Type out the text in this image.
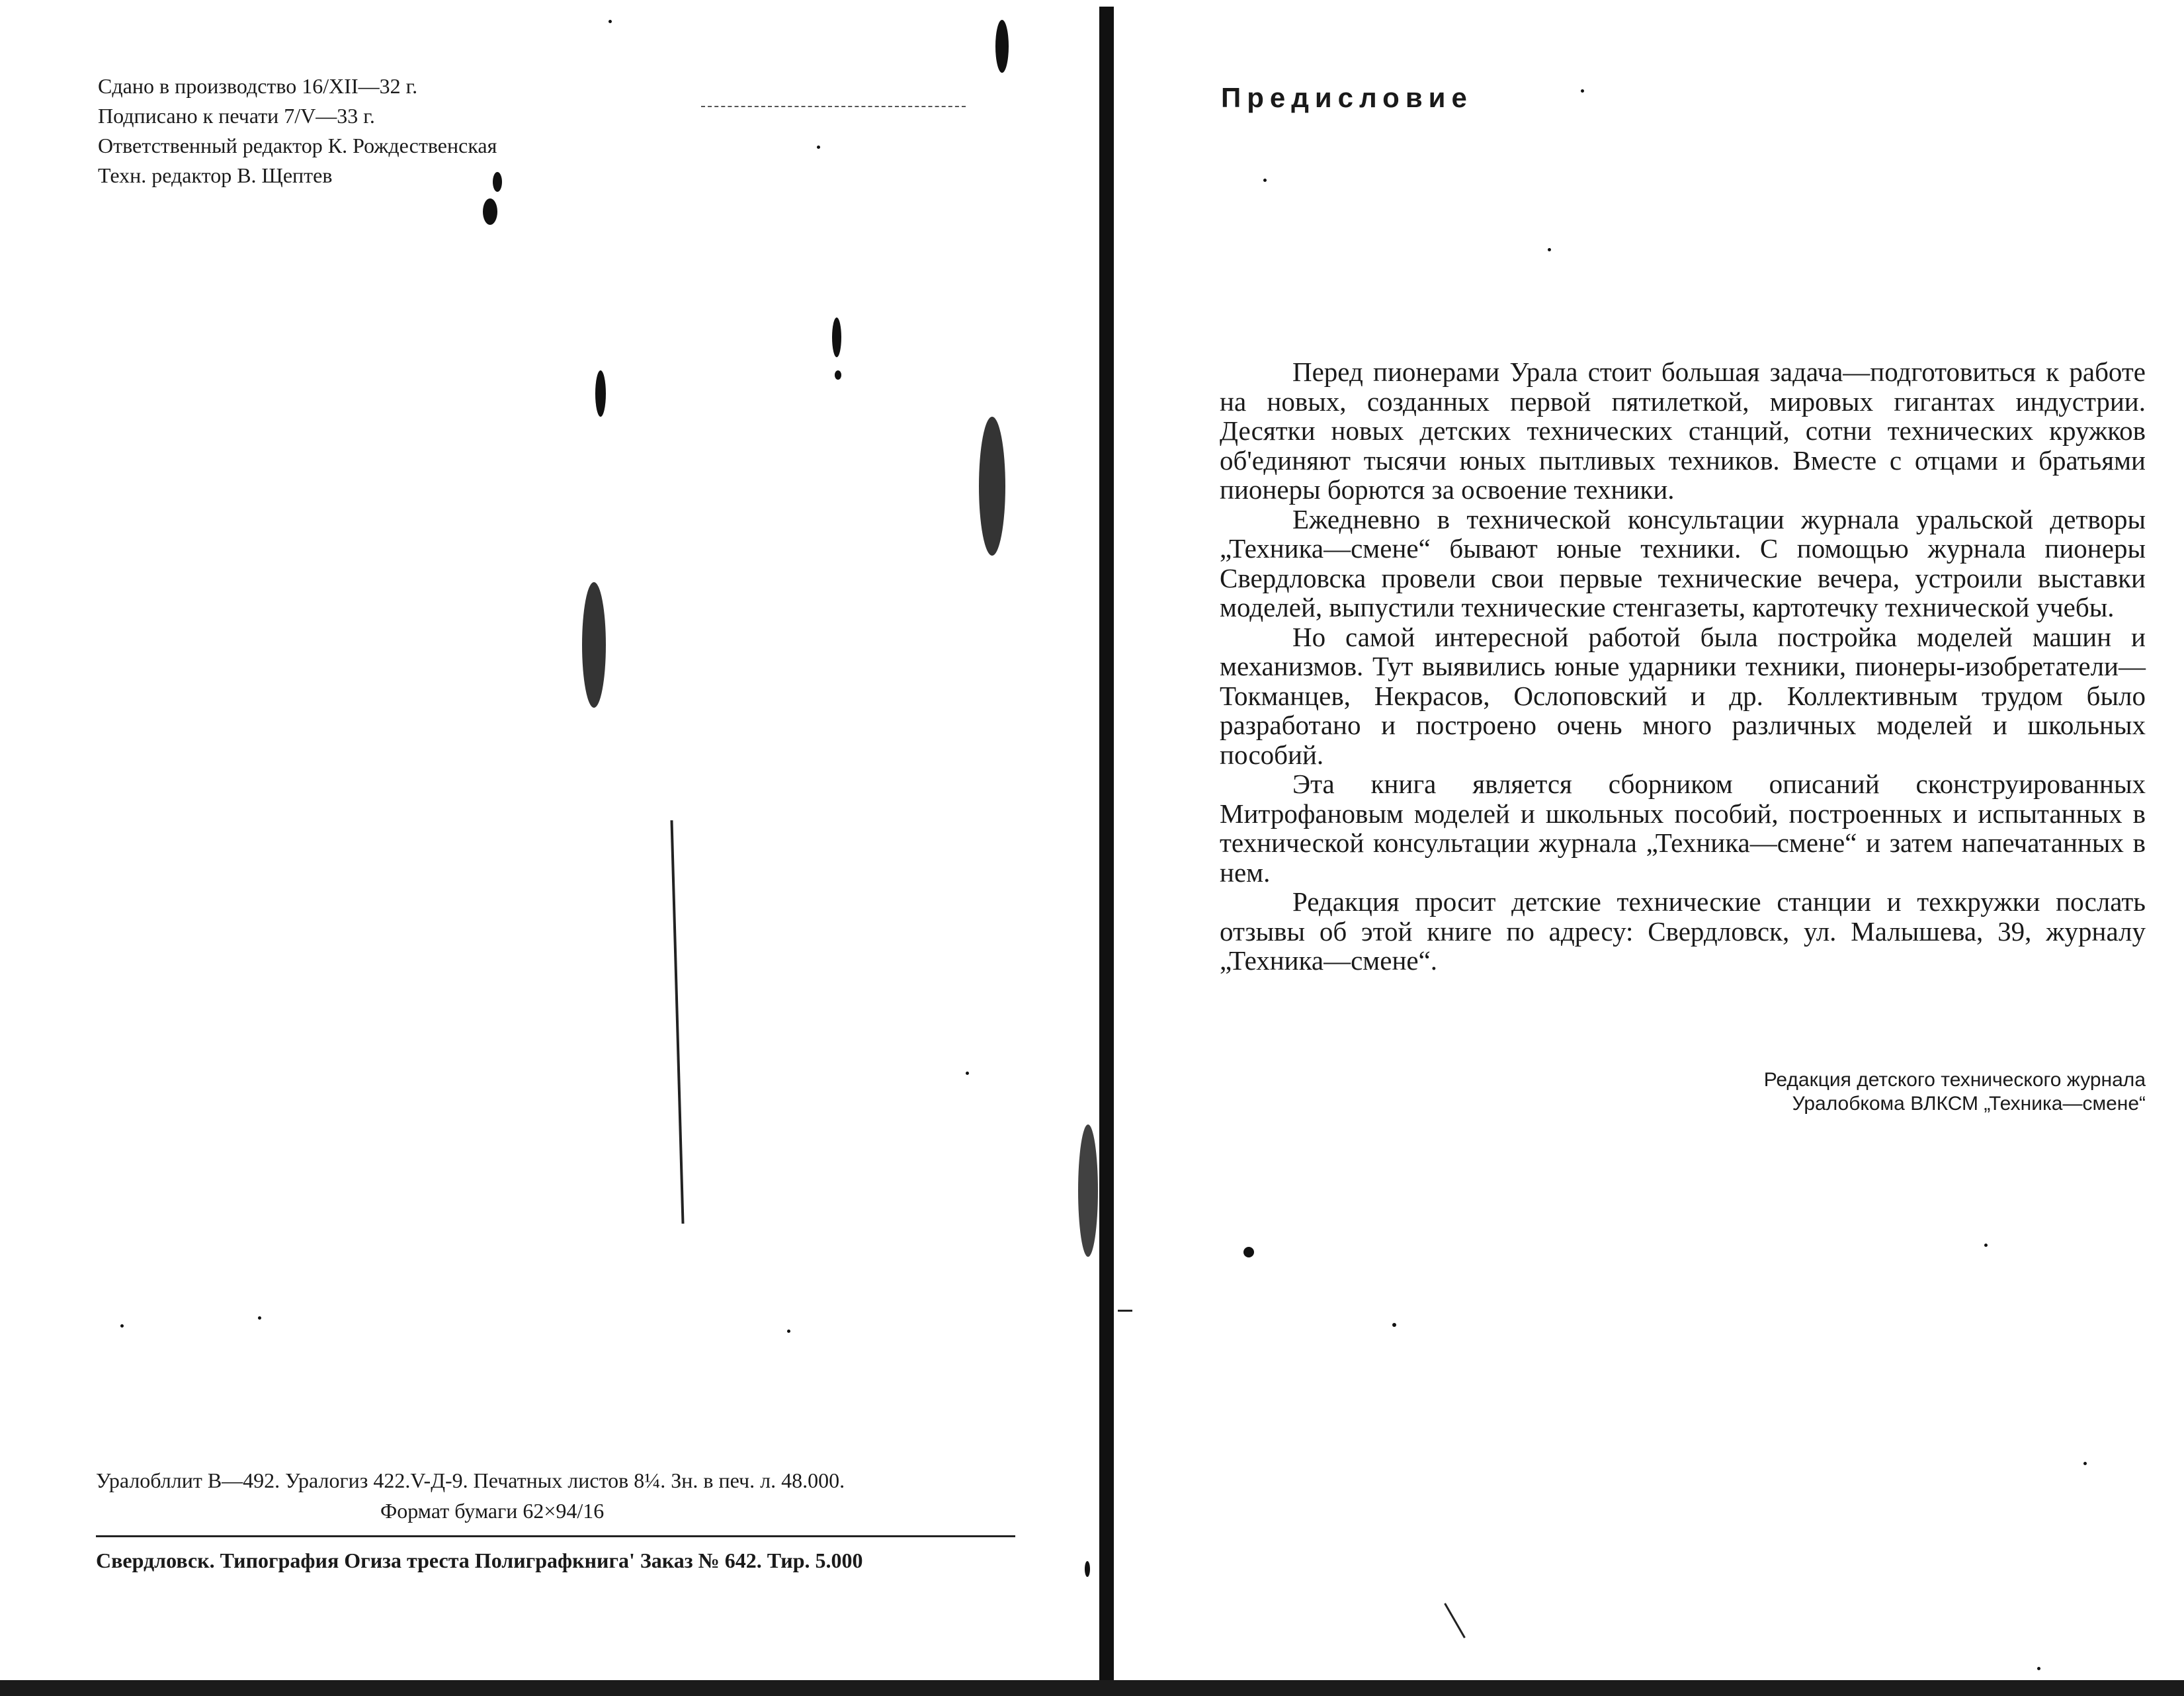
Сдано в производство 16/XII—32 г.
Подписано к печати 7/V—33 г.
Ответственный редактор К. Рождественская
Техн. редактор В. Щептев
Уралобллит В—492. Уралогиз 422.V-Д-9. Печатных листов 8¼. Зн. в печ. л. 48.000.
Формат бумаги 62×94/16
Свердловск. Типография Огиза треста Полиграфкнига' Заказ № 642. Тир. 5.000
Предисловие

Перед пионерами Урала стоит большая задача—подготовиться к работе на новых, созданных первой пятилеткой, мировых гигантах индустрии. Десятки новых детских технических станций, сотни технических кружков об'единяют тысячи юных пытливых техников. Вместе с отцами и братьями пионеры борются за освоение техники.

Ежедневно в технической консультации журнала уральской детворы „Техника—смене“ бывают юные техники. С помощью журнала пионеры Свердловска провели свои первые технические вечера, устроили выставки моделей, выпустили технические стенгазеты, картотечку технической учебы.

Но самой интересной работой была постройка моделей машин и механизмов. Тут выявились юные ударники техники, пионеры-изобретатели—Токманцев, Некрасов, Ослоповский и др. Коллективным трудом было разработано и построено очень много различных моделей и школьных пособий.

Эта книга является сборником описаний сконструированных Митрофановым моделей и школьных пособий, построенных и испытанных в технической консультации журнала „Техника—смене“ и затем напечатанных в нем.

Редакция просит детские технические станции и техкружки послать отзывы об этой книге по адресу: Свердловск, ул. Малышева, 39, журналу „Техника—смене“.

Редакция детского технического журнала
Уралобкома ВЛКСМ „Техника—смене“
